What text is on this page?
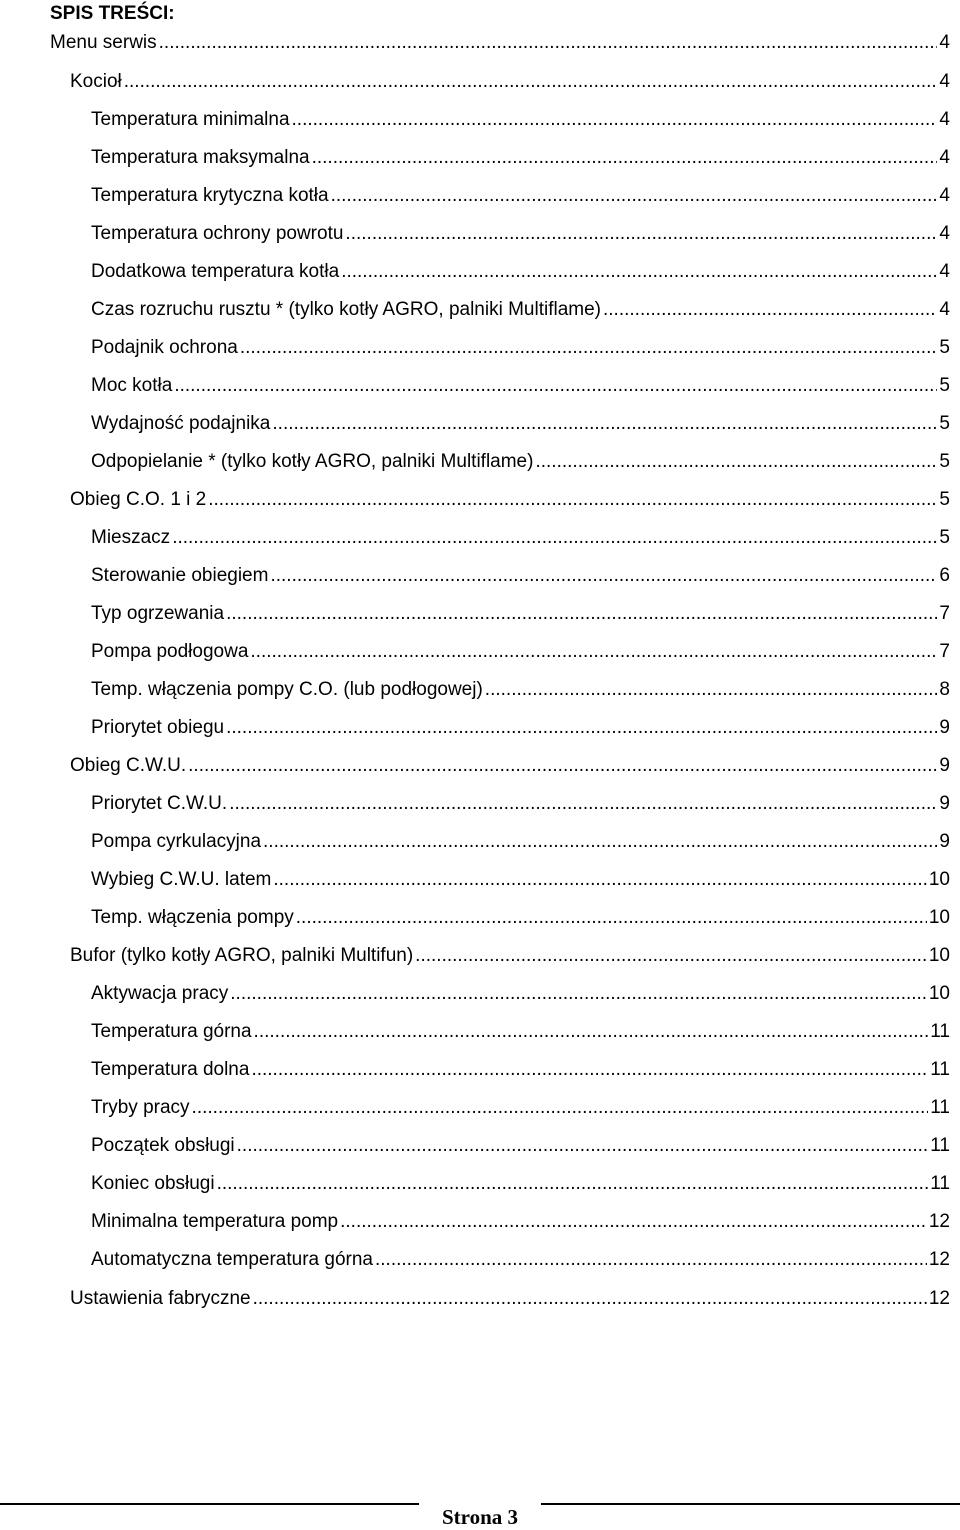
SPIS TREŚCI:
Menu serwis .....	4
Kocioł .....	4
Temperatura minimalna .....	4
Temperatura maksymalna .....	4
Temperatura krytyczna kotła .....	4
Temperatura ochrony powrotu .....	4
Dodatkowa temperatura kotła .....	4
Czas rozruchu rusztu * (tylko kotły AGRO, palniki Multiflame) .....	4
Podajnik ochrona .....	5
Moc kotła .....	5
Wydajność podajnika .....	5
Odpopielanie * (tylko kotły AGRO, palniki Multiflame) .....	5
Obieg C.O. 1 i 2 .....	5
Mieszacz .....	5
Sterowanie obiegiem .....	6
Typ ogrzewania .....	7
Pompa podłogowa .....	7
Temp. włączenia pompy C.O. (lub podłogowej) .....	8
Priorytet obiegu .....	9
Obieg C.W.U. .....	9
Priorytet C.W.U. .....	9
Pompa cyrkulacyjna .....	9
Wybieg C.W.U. latem .....	10
Temp. włączenia pompy .....	10
Bufor (tylko kotły AGRO, palniki Multifun) .....	10
Aktywacja pracy .....	10
Temperatura górna .....	11
Temperatura dolna .....	11
Tryby pracy .....	11
Początek obsługi .....	11
Koniec obsługi .....	11
Minimalna temperatura pomp .....	12
Automatyczna temperatura górna .....	12
Ustawienia fabryczne .....	12
Strona 3
